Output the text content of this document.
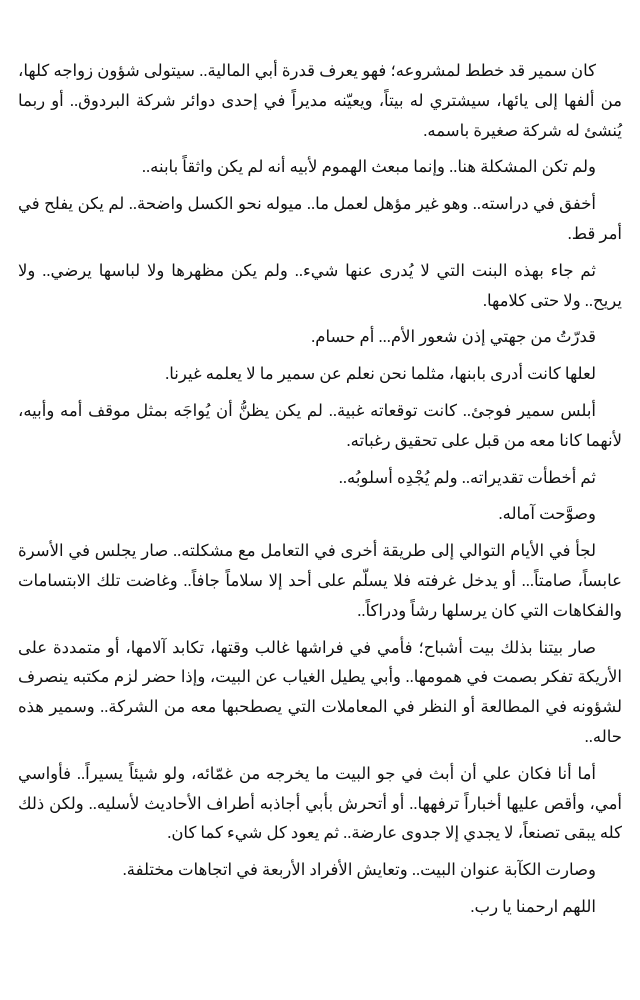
كان سمير قد خطط لمشروعه؛ فهو يعرف قدرة أبي المالية.. سيتولى شؤون زواجه كلها، من ألفها إلى يائها، سيشتري له بيتاً، ويعيّنه مديراً في إحدى دوائر شركة البردوق.. أو ربما يُنشئ له شركة صغيرة باسمه.

ولم تكن المشكلة هنا.. وإنما مبعث الهموم لأبيه أنه لم يكن واثقاً بابنه..

أخفق في دراسته.. وهو غير مؤهل لعمل ما.. ميوله نحو الكسل واضحة.. لم يكن يفلح في أمر قط.

ثم جاء بهذه البنت التي لا يُدرى عنها شيء.. ولم يكن مظهرها ولا لباسها يرضي.. ولا يريح.. ولا حتى كلامها.

قدرّتُ من جهتي إذن شعور الأم... أم حسام.

لعلها كانت أدرى بابنها، مثلما نحن نعلم عن سمير ما لا يعلمه غيرنا.

أبلس سمير فوجئ.. كانت توقعاته غبية.. لم يكن يظنُّ أن يُواجَه بمثل موقف أمه وأبيه، لأنهما كانا معه من قبل على تحقيق رغباته.

ثم أخطأت تقديراته.. ولم يُجْدِه أسلوبُه..

وصوَّحت آماله.

لجأ في الأيام التوالي إلى طريقة أخرى في التعامل مع مشكلته.. صار يجلس في الأسرة عابساً، صامتاً... أو يدخل غرفته فلا يسلّم على أحد إلا سلاماً جافاً.. وغاضت تلك الابتسامات والفكاهات التي كان يرسلها رشاً ودراكاً..

صار بيتنا بذلك بيت أشباح؛ فأمي في فراشها غالب وقتها، تكابد آلامها، أو متمددة على الأريكة تفكر بصمت في همومها.. وأبي يطيل الغياب عن البيت، وإذا حضر لزم مكتبه ينصرف لشؤونه في المطالعة أو النظر في المعاملات التي يصطحبها معه من الشركة.. وسمير هذه حاله..

أما أنا فكان علي أن أبث في جو البيت ما يخرجه من غمّائه، ولو شيئاً يسيراً.. فأواسي أمي، وأقص عليها أخباراً ترفهها.. أو أتحرش بأبي أجاذبه أطراف الأحاديث لأسليه.. ولكن ذلك كله يبقى تصنعاً، لا يجدي إلا جدوى عارضة.. ثم يعود كل شيء كما كان.

وصارت الكآبة عنوان البيت.. وتعايش الأفراد الأربعة في اتجاهات مختلفة.

اللهم ارحمنا يا رب.
